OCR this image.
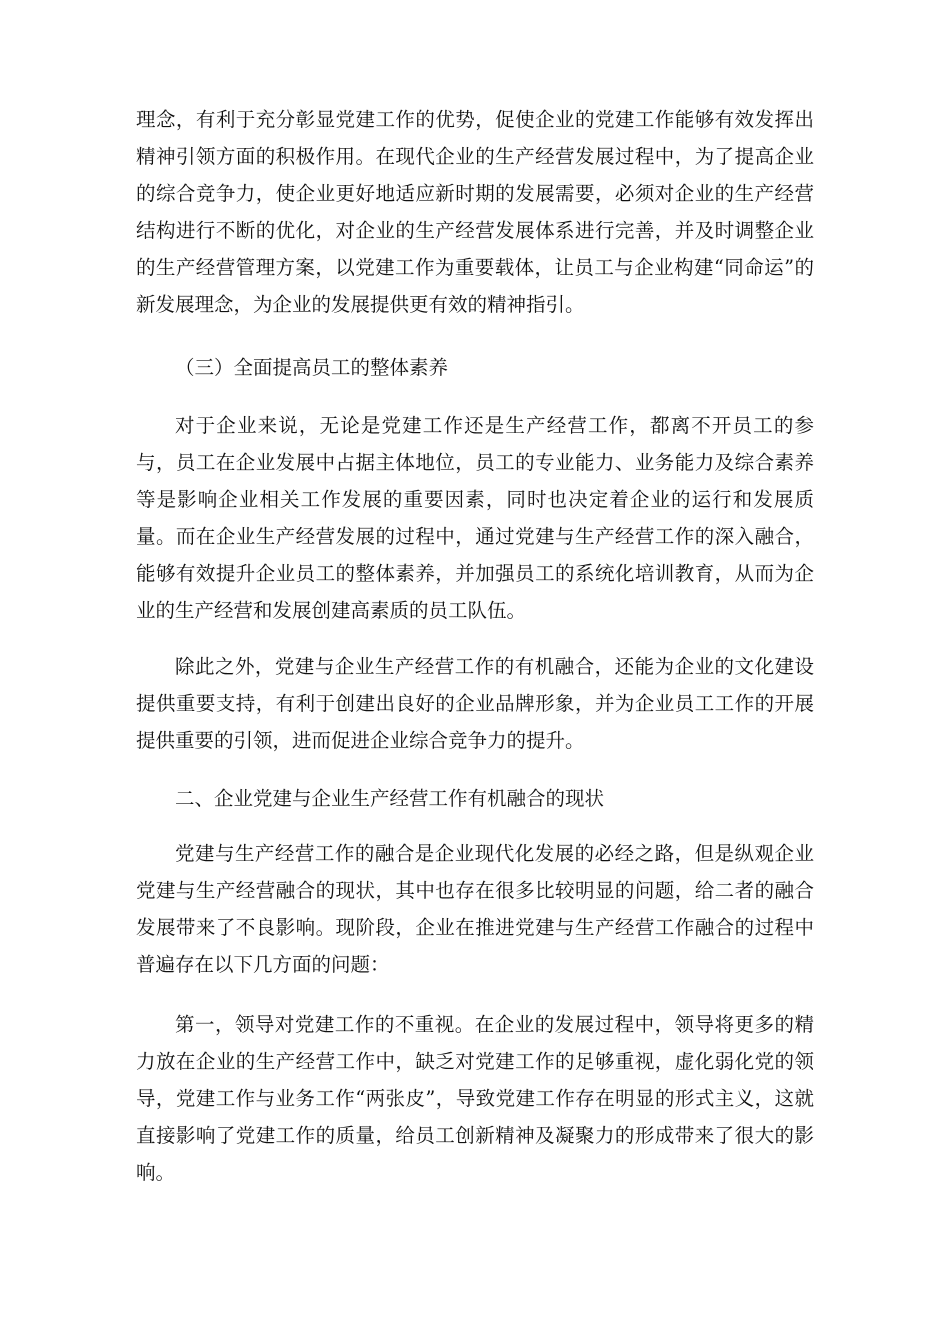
理念，有利于充分彰显党建工作的优势，促使企业的党建工作能够有效发挥出精神引领方面的积极作用。在现代企业的生产经营发展过程中，为了提高企业的综合竞争力，使企业更好地适应新时期的发展需要，必须对企业的生产经营结构进行不断的优化，对企业的生产经营发展体系进行完善，并及时调整企业的生产经营管理方案，以党建工作为重要载体，让员工与企业构建“同命运”的新发展理念，为企业的发展提供更有效的精神指引。

（三）全面提高员工的整体素养

对于企业来说，无论是党建工作还是生产经营工作，都离不开员工的参与，员工在企业发展中占据主体地位，员工的专业能力、业务能力及综合素养等是影响企业相关工作发展的重要因素，同时也决定着企业的运行和发展质量。而在企业生产经营发展的过程中，通过党建与生产经营工作的深入融合，能够有效提升企业员工的整体素养，并加强员工的系统化培训教育，从而为企业的生产经营和发展创建高素质的员工队伍。

除此之外，党建与企业生产经营工作的有机融合，还能为企业的文化建设提供重要支持，有利于创建出良好的企业品牌形象，并为企业员工工作的开展提供重要的引领，进而促进企业综合竞争力的提升。

二、企业党建与企业生产经营工作有机融合的现状

党建与生产经营工作的融合是企业现代化发展的必经之路，但是纵观企业党建与生产经营融合的现状，其中也存在很多比较明显的问题，给二者的融合发展带来了不良影响。现阶段，企业在推进党建与生产经营工作融合的过程中普遍存在以下几方面的问题：

第一，领导对党建工作的不重视。在企业的发展过程中，领导将更多的精力放在企业的生产经营工作中，缺乏对党建工作的足够重视，虚化弱化党的领导，党建工作与业务工作“两张皮”，导致党建工作存在明显的形式主义，这就直接影响了党建工作的质量，给员工创新精神及凝聚力的形成带来了很大的影响。
